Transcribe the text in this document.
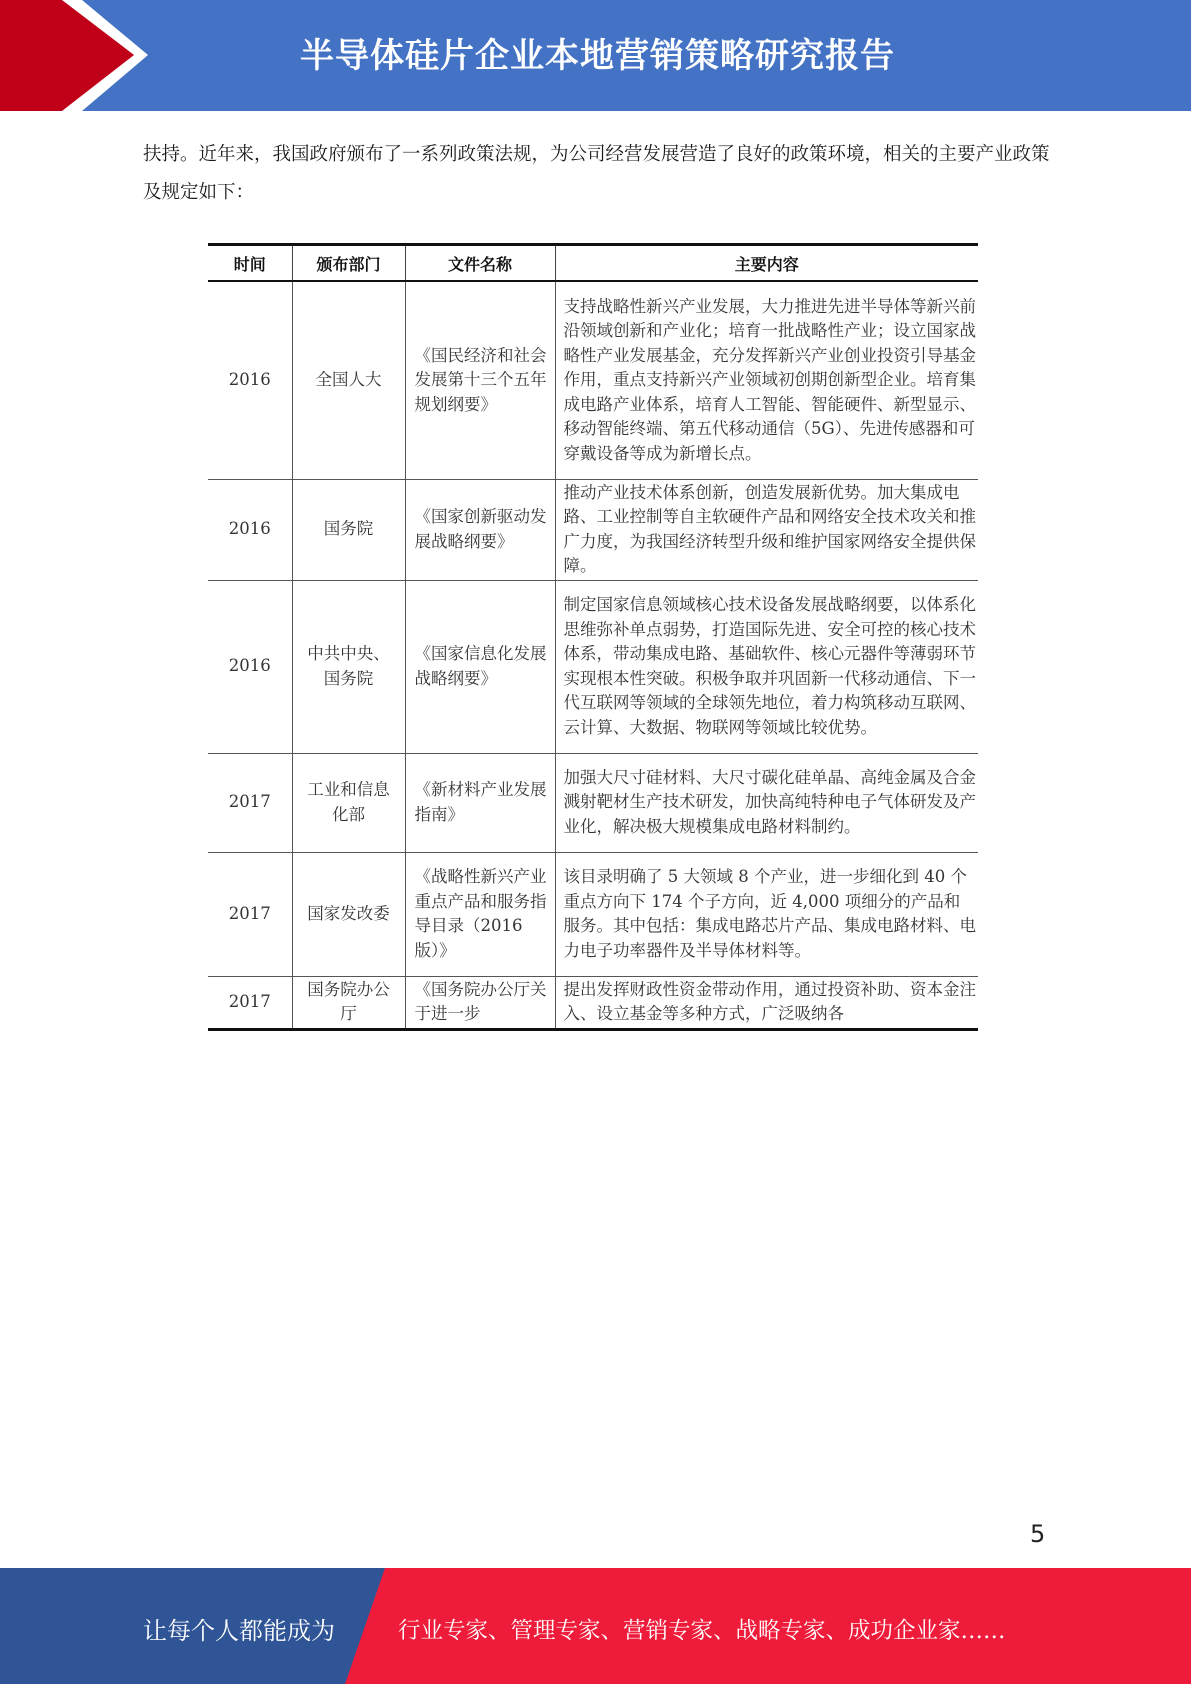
半导体硅片企业本地营销策略研究报告

扶持。近年来，我国政府颁布了一系列政策法规，为公司经营发展营造了良好的政策环境，相关的主要产业政策及规定如下：

时间	颁布部门	文件名称	主要内容
2016	全国人大	《国民经济和社会发展第十三个五年规划纲要》	支持战略性新兴产业发展，大力推进先进半导体等新兴前沿领域创新和产业化；培育一批战略性产业；设立国家战略性产业发展基金，充分发挥新兴产业创业投资引导基金作用，重点支持新兴产业领域初创期创新型企业。培育集成电路产业体系，培育人工智能、智能硬件、新型显示、移动智能终端、第五代移动通信（5G）、先进传感器和可穿戴设备等成为新增长点。
2016	国务院	《国家创新驱动发展战略纲要》	推动产业技术体系创新，创造发展新优势。加大集成电路、工业控制等自主软硬件产品和网络安全技术攻关和推广力度，为我国经济转型升级和维护国家网络安全提供保障。
2016	中共中央、国务院	《国家信息化发展战略纲要》	制定国家信息领域核心技术设备发展战略纲要，以体系化思维弥补单点弱势，打造国际先进、安全可控的核心技术体系，带动集成电路、基础软件、核心元器件等薄弱环节实现根本性突破。积极争取并巩固新一代移动通信、下一代互联网等领域的全球领先地位，着力构筑移动互联网、云计算、大数据、物联网等领域比较优势。
2017	工业和信息化部	《新材料产业发展指南》	加强大尺寸硅材料、大尺寸碳化硅单晶、高纯金属及合金溅射靶材生产技术研发，加快高纯特种电子气体研发及产业化，解决极大规模集成电路材料制约。
2017	国家发改委	《战略性新兴产业重点产品和服务指导目录（2016 版）》	该目录明确了 5 大领域 8 个产业，进一步细化到 40 个重点方向下 174 个子方向，近 4,000 项细分的产品和服务。其中包括：集成电路芯片产品、集成电路材料、电力电子功率器件及半导体材料等。
2017	国务院办公厅	《国务院办公厅关于进一步	提出发挥财政性资金带动作用，通过投资补助、资本金注入、设立基金等多种方式，广泛吸纳各
5
让每个人都能成为	行业专家、管理专家、营销专家、战略专家、成功企业家……
